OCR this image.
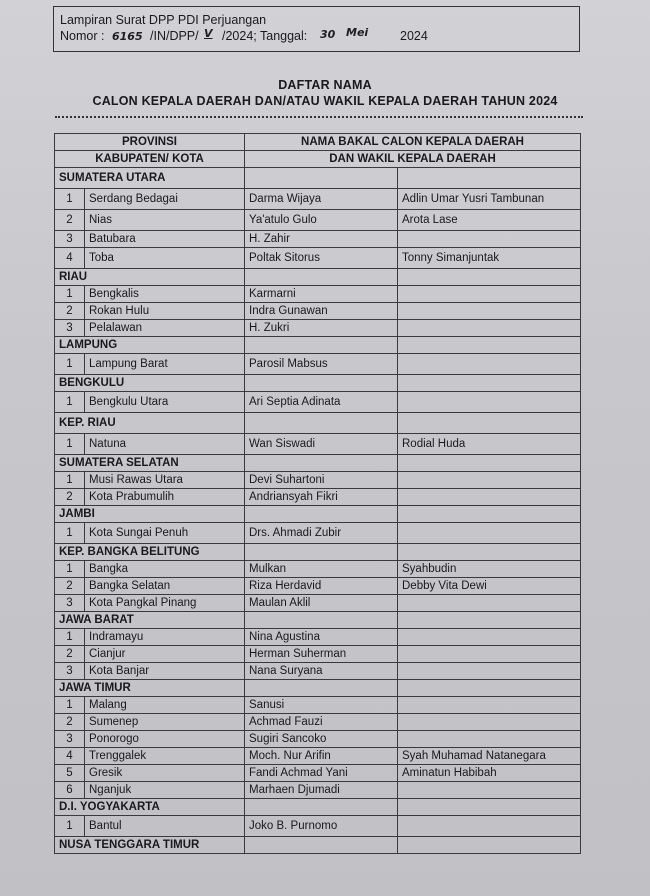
Lampiran Surat DPP PDI Perjuangan
Nomor : 6165 /IN/DPP/ V /2024; Tanggal: 30 Mei	2024
DAFTAR NAMA
CALON KEPALA DAERAH DAN/ATAU WAKIL KEPALA DAERAH TAHUN 2024
PROVINSI		NAMA BAKAL CALON KEPALA DAERAH	
KABUPATEN/ KOTA		DAN WAKIL KEPALA DAERAH	
SUMATERA UTARA			
1	Serdang Bedagai	Darma Wijaya	Adlin Umar Yusri Tambunan
2	Nias	Ya'atulo Gulo	Arota Lase
3	Batubara	H. Zahir	
4	Toba	Poltak Sitorus	Tonny Simanjuntak
RIAU			
1	Bengkalis	Karmarni	
2	Rokan Hulu	Indra Gunawan	
3	Pelalawan	H. Zukri	
LAMPUNG			
1	Lampung Barat	Parosil Mabsus	
BENGKULU			
1	Bengkulu Utara	Ari Septia Adinata	
KEP. RIAU			
1	Natuna	Wan Siswadi	Rodial Huda
SUMATERA SELATAN			
1	Musi Rawas Utara	Devi Suhartoni	
2	Kota Prabumulih	Andriansyah Fikri	
JAMBI			
1	Kota Sungai Penuh	Drs. Ahmadi Zubir	
KEP. BANGKA BELITUNG			
1	Bangka	Mulkan	Syahbudin
2	Bangka Selatan	Riza Herdavid	Debby Vita Dewi
3	Kota Pangkal Pinang	Maulan Aklil	
JAWA BARAT			
1	Indramayu	Nina Agustina	
2	Cianjur	Herman Suherman	
3	Kota Banjar	Nana Suryana	
JAWA TIMUR			
1	Malang	Sanusi	
2	Sumenep	Achmad Fauzi	
3	Ponorogo	Sugiri Sancoko	
4	Trenggalek	Moch. Nur Arifin	Syah Muhamad Natanegara
5	Gresik	Fandi Achmad Yani	Aminatun Habibah
6	Nganjuk	Marhaen Djumadi	
D.I. YOGYAKARTA			
1	Bantul	Joko B. Purnomo	
NUSA TENGGARA TIMUR			
